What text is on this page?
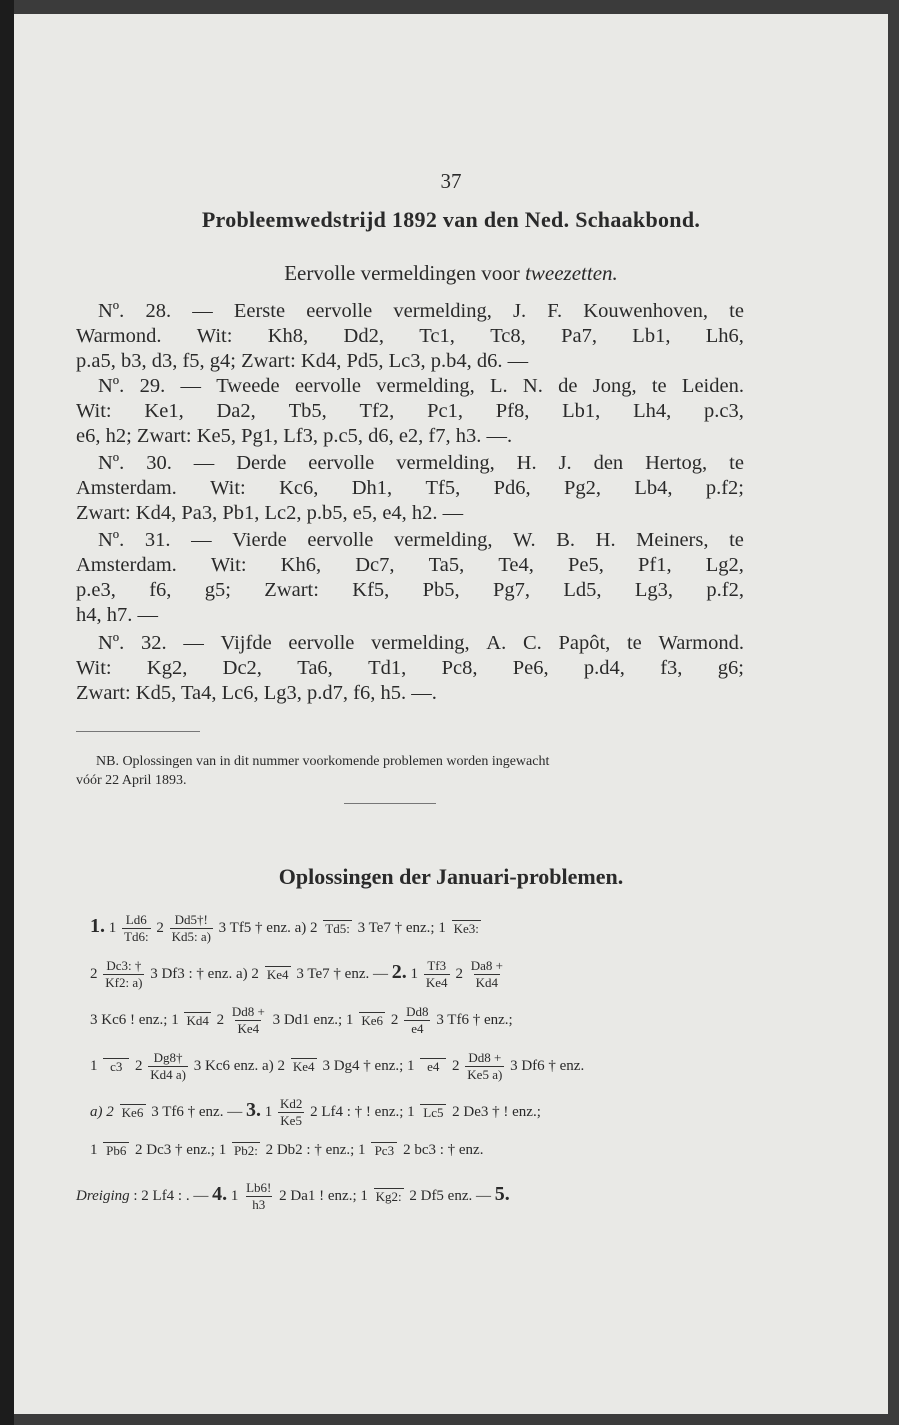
37
Probleemwedstrijd 1892 van den Ned. Schaakbond.
Eervolle vermeldingen voor tweezetten.
Nº. 28. — Eerste eervolle vermelding, J. F. Kouwenhoven, te
Warmond. Wit: Kh8, Dd2, Tc1, Tc8, Pa7, Lb1, Lh6,
p.a5, b3, d3, f5, g4; Zwart: Kd4, Pd5, Lc3, p.b4, d6. —
Nº. 29. — Tweede eervolle vermelding, L. N. de Jong, te Leiden.
Wit: Ke1, Da2, Tb5, Tf2, Pc1, Pf8, Lb1, Lh4, p.c3,
e6, h2; Zwart: Ke5, Pg1, Lf3, p.c5, d6, e2, f7, h3. —.
Nº. 30. — Derde eervolle vermelding, H. J. den Hertog, te
Amsterdam. Wit: Kc6, Dh1, Tf5, Pd6, Pg2, Lb4, p.f2;
Zwart: Kd4, Pa3, Pb1, Lc2, p.b5, e5, e4, h2. —
Nº. 31. — Vierde eervolle vermelding, W. B. H. Meiners, te
Amsterdam. Wit: Kh6, Dc7, Ta5, Te4, Pe5, Pf1, Lg2,
p.e3, f6, g5; Zwart: Kf5, Pb5, Pg7, Ld5, Lg3, p.f2,
h4, h7. —
Nº. 32. — Vijfde eervolle vermelding, A. C. Papôt, te Warmond.
Wit: Kg2, Dc2, Ta6, Td1, Pc8, Pe6, p.d4, f3, g6;
Zwart: Kd5, Ta4, Lc6, Lg3, p.d7, f6, h5. —.
NB. Oplossingen van in dit nummer voorkomende problemen worden ingewacht
vóór 22 April 1893.
Oplossingen der Januari-problemen.
1. $1 \frac{Ld6}{Td6:} 2 \frac{Dd5\dagger!}{Kd5: a)} 3$ Tf5 † enz. a) 2 Td5: 3 Te7 † enz.; 1 Ke3:
$2 \frac{Dc3: \dagger}{Kf2: a)} 3$ Df3 : † enz. a) 2 Ke4 3 Te7 † enz. — 2. $1 \frac{Tf3}{Ke4} 2 \frac{Da8 +}{Kd4}$
3 Kc6 ! enz.; 1 Kd4 $2 \frac{Dd8 +}{Ke4} 3$ Dd1 enz.; 1 Ke6 $2 \frac{Dd8}{e4} 3$ Tf6 † enz.;
1 c3 $2 \frac{Dg8\dagger}{Kd4 a)} 3$ Kc6 enz. a) 2 Ke4 3 Dg4 † enz.; 1 e4 $2 \frac{Dd8 +}{Ke5 a)} 3$ Df6 † enz.
a) 2 Ke6 3 Tf6 † enz. — 3. $1 \frac{Kd2}{Ke5} 2$ Lf4 : † ! enz.; 1 Lc5 2 De3 † ! enz.;
1 Pb6 2 Dc3 † enz.; 1 Pb2: 2 Db2 : † enz.; 1 Pc3 2 bc3 : † enz.
Dreiging : 2 Lf4 : . — 4. $1 \frac{Lb6!}{h3} 2$ Da1 ! enz.; 1 Kg2: 2 Df5 enz. — 5.
